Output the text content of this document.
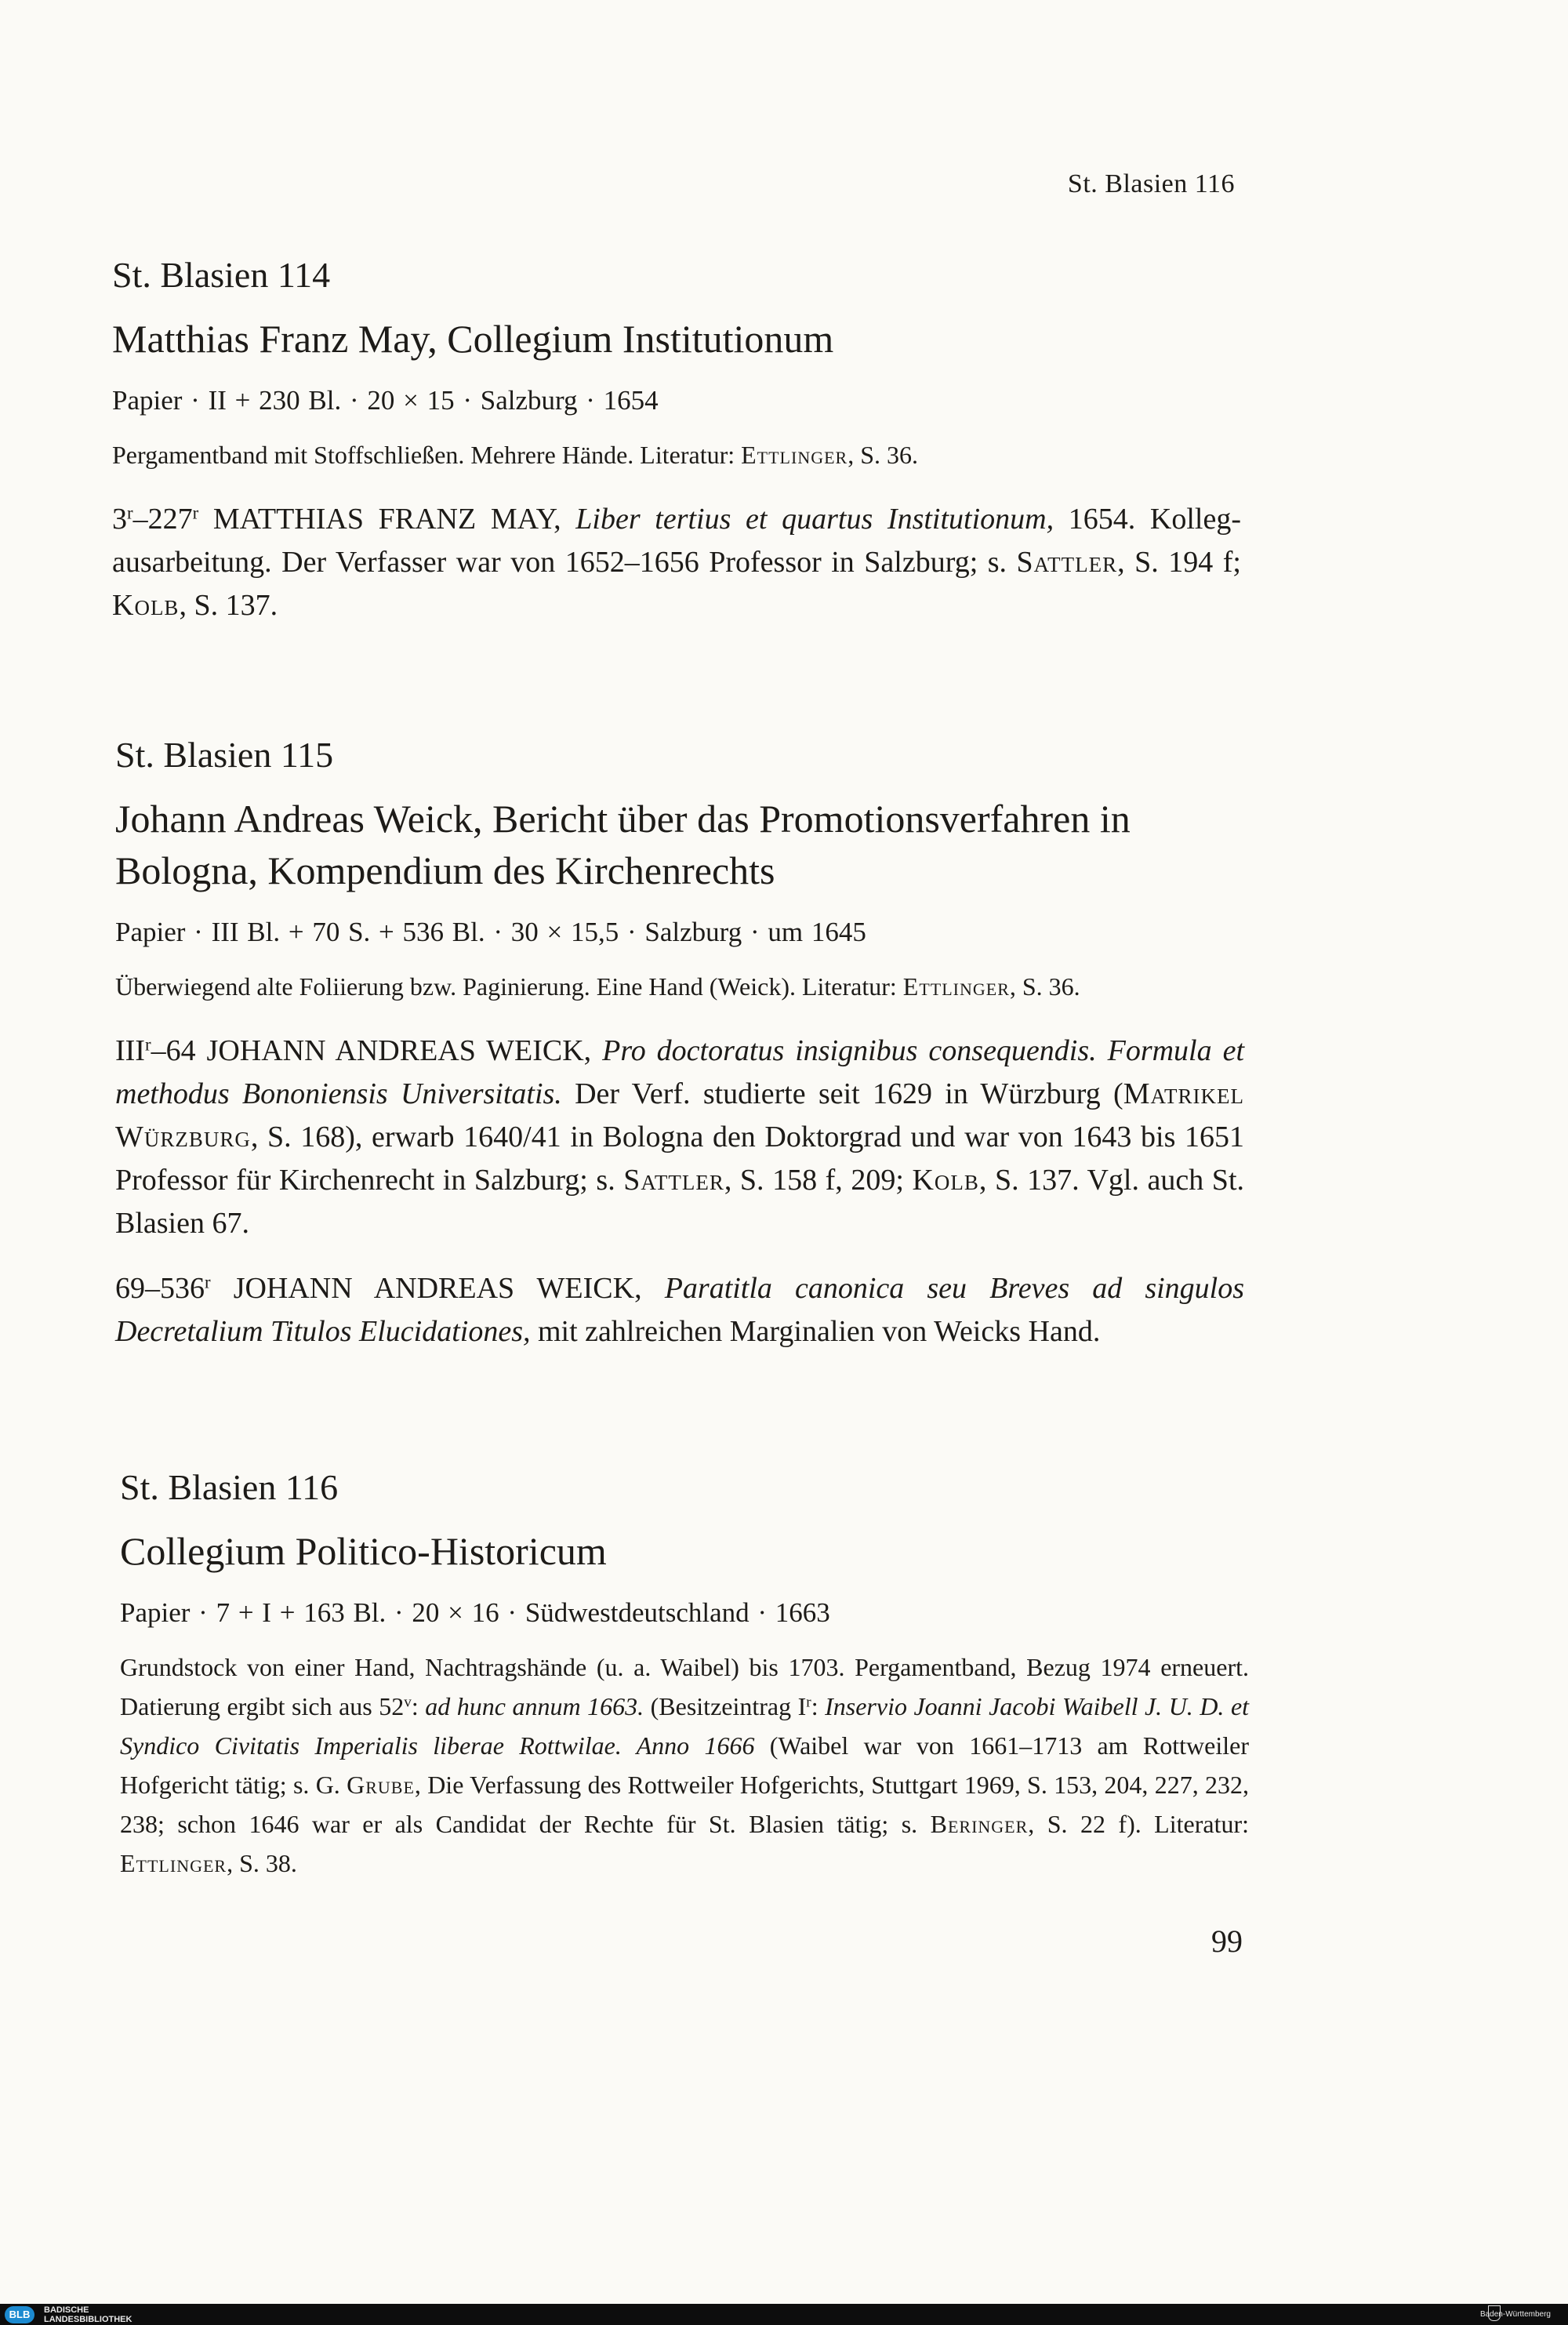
St. Blasien 116
St. Blasien 114
Matthias Franz May, Collegium Institutionum
Papier · II + 230 Bl. · 20 × 15 · Salzburg · 1654
Pergamentband mit Stoffschließen. Mehrere Hände. Literatur: Ettlinger, S. 36.

3$^r$–227$^r$ MATTHIAS FRANZ MAY, Liber tertius et quartus Institutionum, 1654. Kollegausarbeitung. Der Verfasser war von 1652–1656 Professor in Salzburg; s. Sattler, S. 194 f; Kolb, S. 137.

St. Blasien 115
Johann Andreas Weick, Bericht über das Promotionsverfahren in Bologna, Kompendium des Kirchenrechts
Papier · III Bl. + 70 S. + 536 Bl. · 30 × 15,5 · Salzburg · um 1645
Überwiegend alte Foliierung bzw. Paginierung. Eine Hand (Weick). Literatur: Ettlinger, S. 36.

III$^r$–64 JOHANN ANDREAS WEICK, Pro doctoratus insignibus consequendis. Formula et methodus Bononiensis Universitatis. Der Verf. studierte seit 1629 in Würzburg (Matrikel Würzburg, S. 168), erwarb 1640/41 in Bologna den Doktorgrad und war von 1643 bis 1651 Professor für Kirchenrecht in Salzburg; s. Sattler, S. 158 f, 209; Kolb, S. 137. Vgl. auch St. Blasien 67.

69–536$^r$ JOHANN ANDREAS WEICK, Paratitla canonica seu Breves ad singulos Decretalium Titulos Elucidationes, mit zahlreichen Marginalien von Weicks Hand.

St. Blasien 116
Collegium Politico-Historicum
Papier · 7 + I + 163 Bl. · 20 × 16 · Südwestdeutschland · 1663
Grundstock von einer Hand, Nachtragshände (u. a. Waibel) bis 1703. Pergamentband, Bezug 1974 erneuert. Datierung ergibt sich aus 52$^v$: ad hunc annum 1663. (Besitzeintrag $I^r$: Inservio Joanni Jacobi Waibell J. U. D. et Syndico Civitatis Imperialis liberae Rottwilae. Anno 1666 (Waibel war von 1661–1713 am Rottweiler Hofgericht tätig; s. G. Grube, Die Verfassung des Rottweiler Hofgerichts, Stuttgart 1969, S. 153, 204, 227, 232, 238; schon 1646 war er als Candidat der Rechte für St. Blasien tätig; s. Beringer, S. 22 f). Literatur: Ettlinger, S. 38.
99
BLB	BADISCHE
LANDESBIBLIOTHEK
Baden-Württemberg
